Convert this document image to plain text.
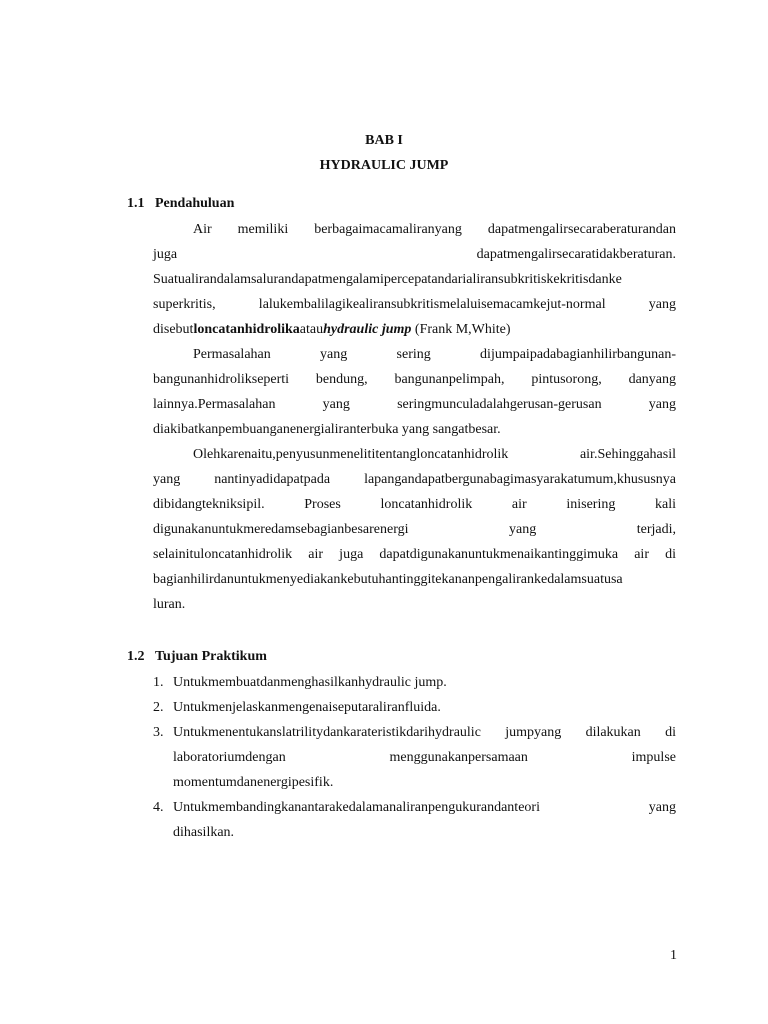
BAB I
HYDRAULIC JUMP
1.1 Pendahuluan
Air memiliki berbagaimacamaliranyang dapatmengalirsecaraberaturandan
juga dapatmengalirsecaratidakberaturan.
Suatualirandalamsalurandapatmengalamipercepatandarialiransubkritiskekritisdanke
superkritis, lalukembalilagikealiransubkritismelaluisemacamkejut-normal yang
disebutloncatanhidrolikaatauhydraulic jump (Frank M,White)
Permasalahan yang sering dijumpaipadabagianhilirbangunan-
bangunanhidrolikseperti bendung, bangunanpelimpah, pintusorong, danyang
lainnya.Permasalahan yang seringmunculadalahgerusan-gerusan yang
diakibatkanpembuanganenergialiranterbuka yang sangatbesar.
Olehkarenaitu,penyusunmenelititentangloncatanhidrolik air.Sehinggahasil
yang nantinyadidapatpada lapangandapatbergunabagimasyarakatumum,khususnya
dibidangtekniksipil. Proses loncatanhidrolik air inisering kali
digunakanuntukmeredamsebagianbesarenergi yang terjadi,
selainituloncatanhidrolik air juga dapatdigunakanuntukmenaikantinggimuka air di
bagianhilirdanuntukmenyediakankebutuhantinggitekananpengalirankedalamsuatusa
luran.
1.2 Tujuan Praktikum
1. Untukmembuatdanmenghasilkanhydraulic jump.
2. Untukmenjelaskanmengenaiseputaraliranfluida.
3. Untukmenentukanslatrilitydankarateristikdarihydraulic jumpyang dilakukan di
laboratoriumdengan menggunakanpersamaan impulse
momentumdanenergipesifik.
4. Untukmembandingkanantarakedalamanaliranpengukurandanteori yang
dihasilkan.
1
